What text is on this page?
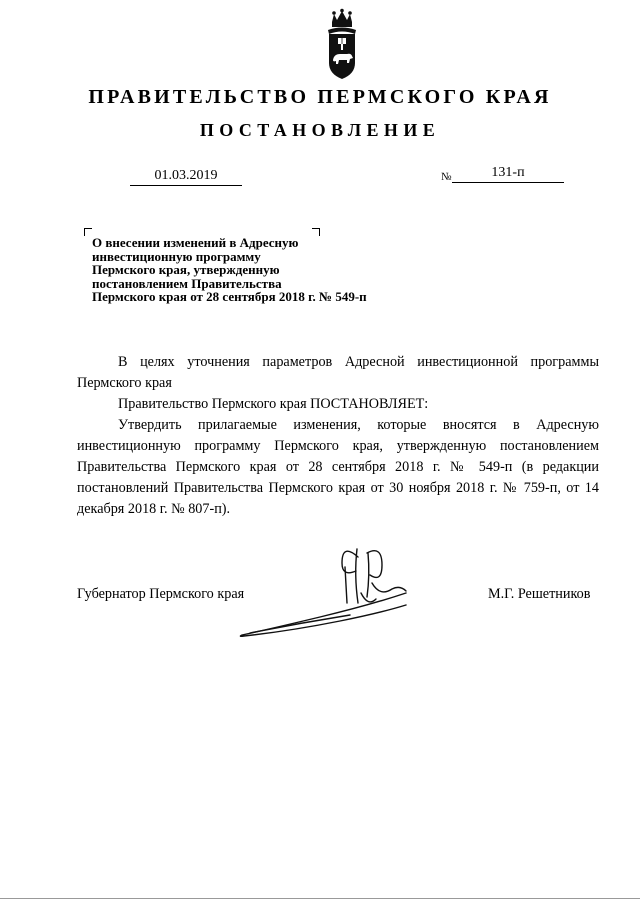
ПРАВИТЕЛЬСТВО ПЕРМСКОГО КРАЯ
ПОСТАНОВЛЕНИЕ
01.03.2019	№	131-п
О внесении изменений в Адресную
инвестиционную программу
Пермского края, утвержденную
постановлением Правительства
Пермского края от 28 сентября 2018 г. № 549-п
В целях уточнения параметров Адресной инвестиционной программы Пермского края
Правительство Пермского края ПОСТАНОВЛЯЕТ:
Утвердить прилагаемые изменения, которые вносятся в Адресную инвестиционную программу Пермского края, утвержденную постановлением Правительства Пермского края от 28 сентября 2018 г. № 549-п (в редакции постановлений Правительства Пермского края от 30 ноября 2018 г. № 759-п, от 14 декабря 2018 г. № 807-п).
Губернатор Пермского края	М.Г. Решетников
